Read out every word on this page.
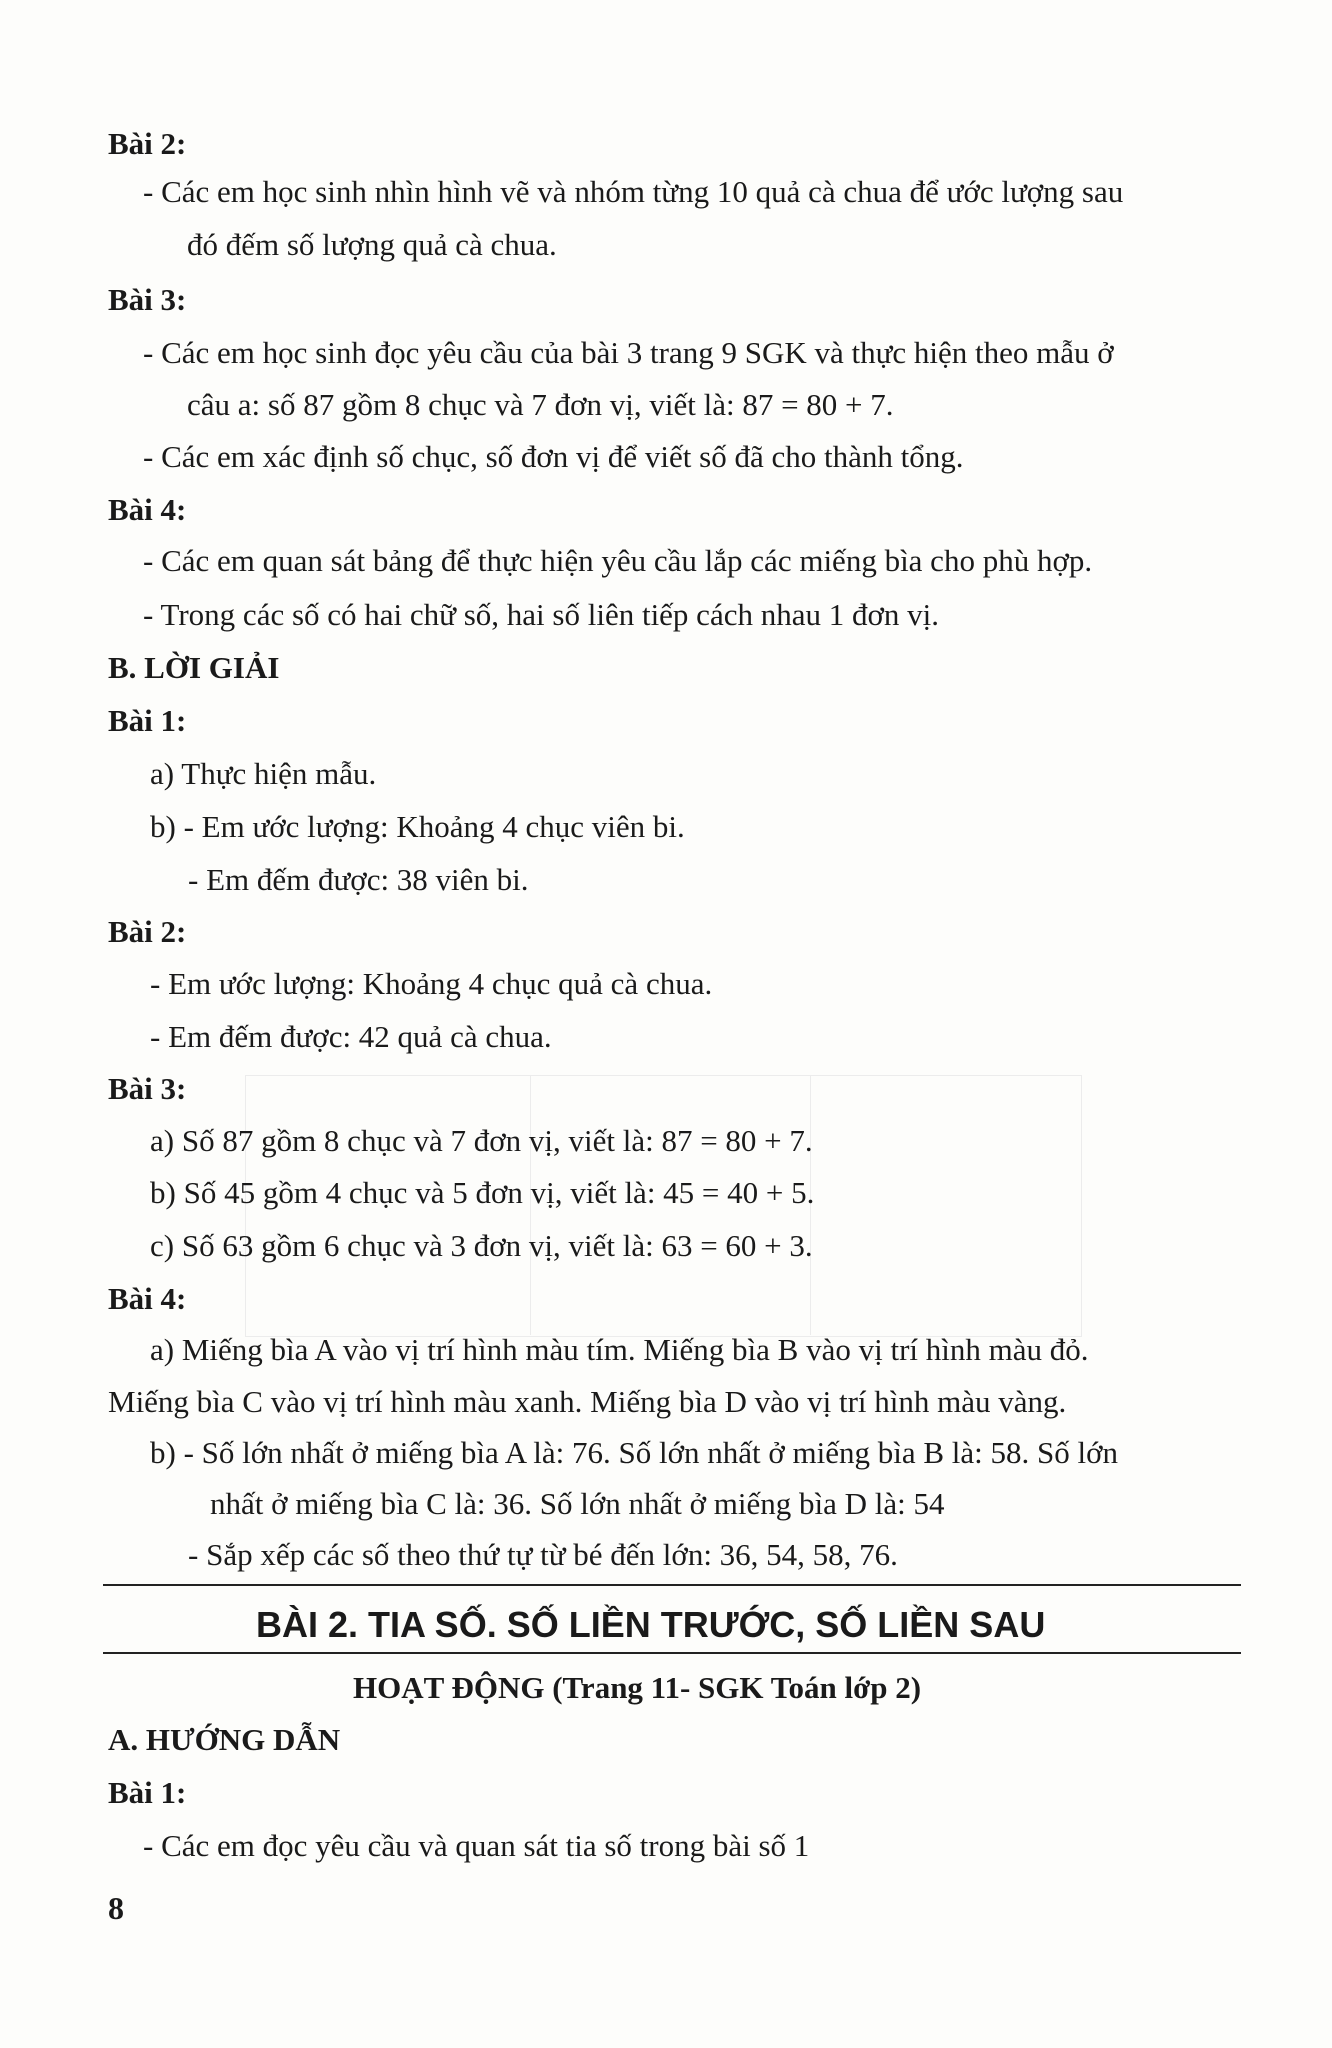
Bài 2:
- Các em học sinh nhìn hình vẽ và nhóm từng 10 quả cà chua để ước lượng sau
đó đếm số lượng quả cà chua.
Bài 3:
- Các em học sinh đọc yêu cầu của bài 3 trang 9 SGK và thực hiện theo mẫu ở
câu a: số 87 gồm 8 chục và 7 đơn vị, viết là: 87 = 80 + 7.
- Các em xác định số chục, số đơn vị để viết số đã cho thành tổng.
Bài 4:
- Các em quan sát bảng để thực hiện yêu cầu lắp các miếng bìa cho phù hợp.
- Trong các số có hai chữ số, hai số liên tiếp cách nhau 1 đơn vị.
B. LỜI GIẢI
Bài 1:
a) Thực hiện mẫu.
b) - Em ước lượng: Khoảng 4 chục viên bi.
- Em đếm được: 38 viên bi.
Bài 2:
- Em ước lượng: Khoảng 4 chục quả cà chua.
- Em đếm được: 42 quả cà chua.
Bài 3:
a) Số 87 gồm 8 chục và 7 đơn vị, viết là: 87 = 80 + 7.
b) Số 45 gồm 4 chục và 5 đơn vị, viết là: 45 = 40 + 5.
c) Số 63 gồm 6 chục và 3 đơn vị, viết là: 63 = 60 + 3.
Bài 4:
a) Miếng bìa A vào vị trí hình màu tím. Miếng bìa B vào vị trí hình màu đỏ.
Miếng bìa C vào vị trí hình màu xanh. Miếng bìa D vào vị trí hình màu vàng.
b) - Số lớn nhất ở miếng bìa A là: 76. Số lớn nhất ở miếng bìa B là: 58. Số lớn
nhất ở miếng bìa C là: 36. Số lớn nhất ở miếng bìa D là: 54
- Sắp xếp các số theo thứ tự từ bé đến lớn: 36, 54, 58, 76.
BÀI 2. TIA SỐ. SỐ LIỀN TRƯỚC, SỐ LIỀN SAU
HOẠT ĐỘNG (Trang 11- SGK Toán lớp 2)
A. HƯỚNG DẪN
Bài 1:
- Các em đọc yêu cầu và quan sát tia số trong bài số 1
8
